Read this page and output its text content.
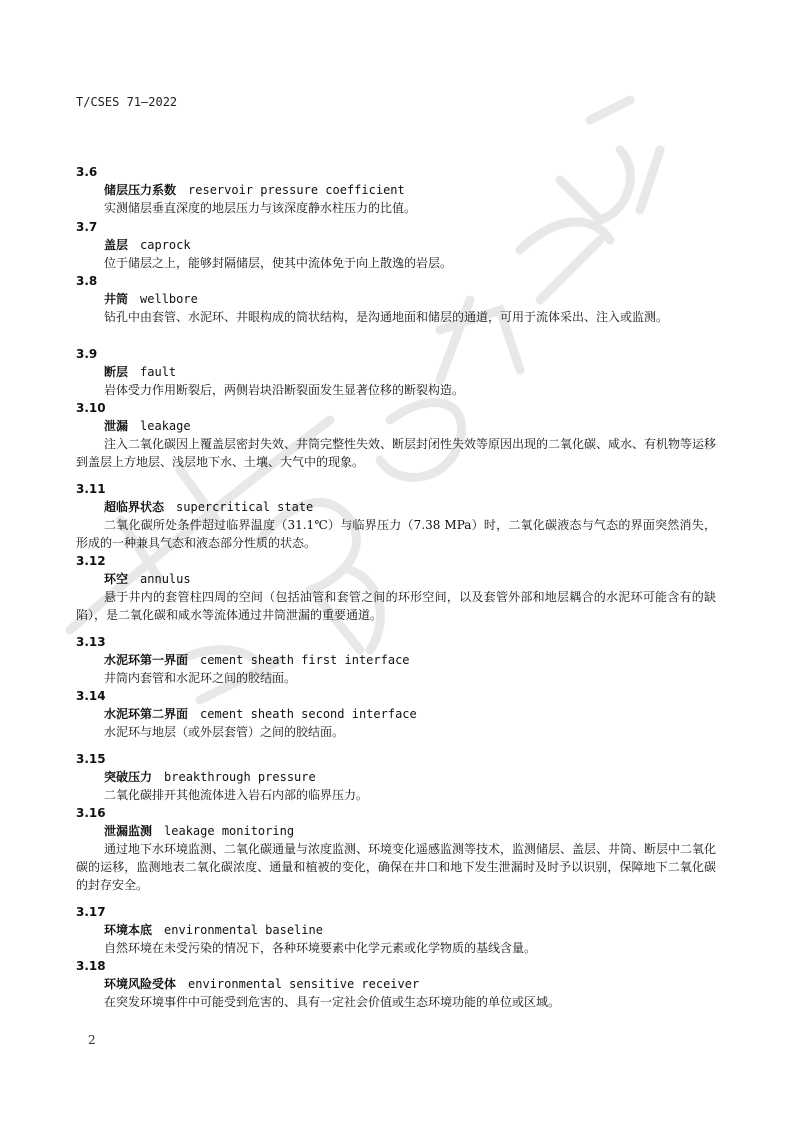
T/CSES 71—2022
3.6
储层压力系数 reservoir pressure coefficient
实测储层垂直深度的地层压力与该深度静水柱压力的比值。
3.7
盖层 caprock
位于储层之上，能够封隔储层，使其中流体免于向上散逸的岩层。
3.8
井筒 wellbore
钻孔中由套管、水泥环、井眼构成的筒状结构，是沟通地面和储层的通道，可用于流体采出、注入或监测。
3.9
断层 fault
岩体受力作用断裂后，两侧岩块沿断裂面发生显著位移的断裂构造。
3.10
泄漏 leakage
注入二氧化碳因上覆盖层密封失效、井筒完整性失效、断层封闭性失效等原因出现的二氧化碳、咸水、有机物等运移到盖层上方地层、浅层地下水、土壤、大气中的现象。
3.11
超临界状态 supercritical state
二氧化碳所处条件超过临界温度（31.1℃）与临界压力（7.38 MPa）时，二氧化碳液态与气态的界面突然消失，形成的一种兼具气态和液态部分性质的状态。
3.12
环空 annulus
悬于井内的套管柱四周的空间（包括油管和套管之间的环形空间，以及套管外部和地层耦合的水泥环可能含有的缺陷），是二氧化碳和咸水等流体通过井筒泄漏的重要通道。
3.13
水泥环第一界面 cement sheath first interface
井筒内套管和水泥环之间的胶结面。
3.14
水泥环第二界面 cement sheath second interface
水泥环与地层（或外层套管）之间的胶结面。
3.15
突破压力 breakthrough pressure
二氧化碳排开其他流体进入岩石内部的临界压力。
3.16
泄漏监测 leakage monitoring
通过地下水环境监测、二氧化碳通量与浓度监测、环境变化遥感监测等技术，监测储层、盖层、井筒、断层中二氧化碳的运移，监测地表二氧化碳浓度、通量和植被的变化，确保在井口和地下发生泄漏时及时予以识别，保障地下二氧化碳的封存安全。
3.17
环境本底 environmental baseline
自然环境在未受污染的情况下，各种环境要素中化学元素或化学物质的基线含量。
3.18
环境风险受体 environmental sensitive receiver
在突发环境事件中可能受到危害的、具有一定社会价值或生态环境功能的单位或区域。
2
